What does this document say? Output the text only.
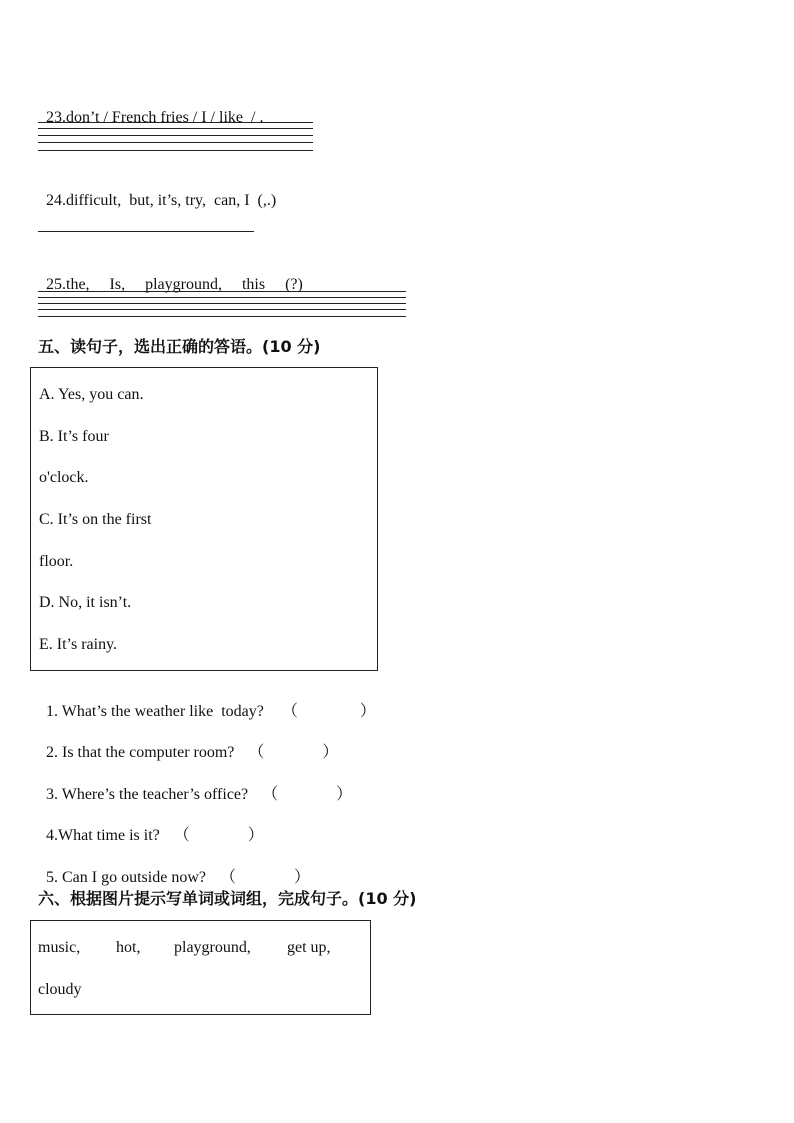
23.don’t / French fries / I / like  / .

24.difficult,  but, it’s, try,  can, I  (,.)

25.the,     Is,     playground,     this     (?)

五、读句子，选出正确的答语。(10 分)
A. Yes, you can.
B. It’s four
o'clock.
C. It’s on the first
floor.
D. No, it isn’t.
E. It’s rainy.

1. What’s the weather like  today? （	）

2. Is that the computer room? （	）

3. Where’s the teacher’s office? （	）

4.What time is it? （	）

5. Can I go outside now? （	）

六、根据图片提示写单词或词组，完成句子。(10 分)
music, hot, playground, get up,
cloudy
